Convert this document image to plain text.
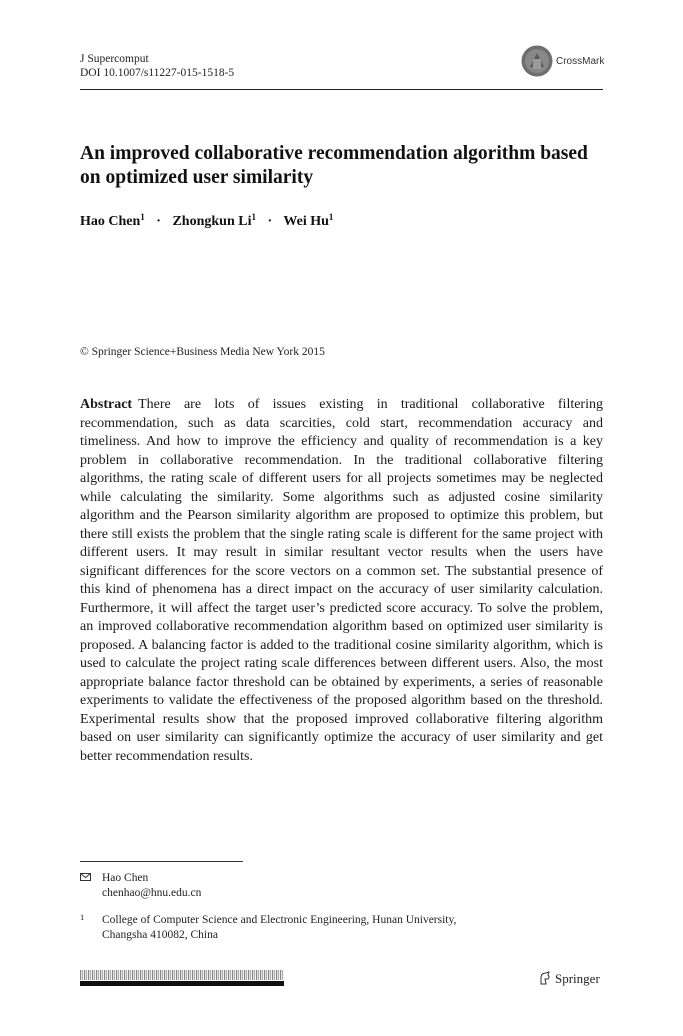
J Supercomput
DOI 10.1007/s11227-015-1518-5
CrossMark
An improved collaborative recommendation algorithm based on optimized user similarity
Hao Chen$^1$ · Zhongkun $Li^1$ · Wei Hu$^1$
© Springer Science+Business Media New York 2015
Abstract There are lots of issues existing in traditional collaborative filtering recommendation, such as data scarcities, cold start, recommendation accuracy and timeliness. And how to improve the efficiency and quality of recommendation is a key problem in collaborative recommendation. In the traditional collaborative filtering algorithms, the rating scale of different users for all projects sometimes may be neglected while calculating the similarity. Some algorithms such as adjusted cosine similarity algorithm and the Pearson similarity algorithm are proposed to optimize this problem, but there still exists the problem that the single rating scale is different for the same project with different users. It may result in similar resultant vector results when the users have significant differences for the score vectors on a common set. The substantial presence of this kind of phenomena has a direct impact on the accuracy of user similarity calculation. Furthermore, it will affect the target user’s predicted score accuracy. To solve the problem, an improved collaborative recommendation algorithm based on optimized user similarity is proposed. A balancing factor is added to the traditional cosine similarity algorithm, which is used to calculate the project rating scale differences between different users. Also, the most appropriate balance factor threshold can be obtained by experiments, a series of reasonable experiments to validate the effectiveness of the proposed algorithm based on the threshold. Experimental results show that the proposed improved collaborative filtering algorithm based on user similarity can significantly optimize the accuracy of user similarity and get better recommendation results.
Hao Chen
chenhao@hnu.edu.cn
1	College of Computer Science and Electronic Engineering, Hunan University,
Changsha 410082, China
Springer
